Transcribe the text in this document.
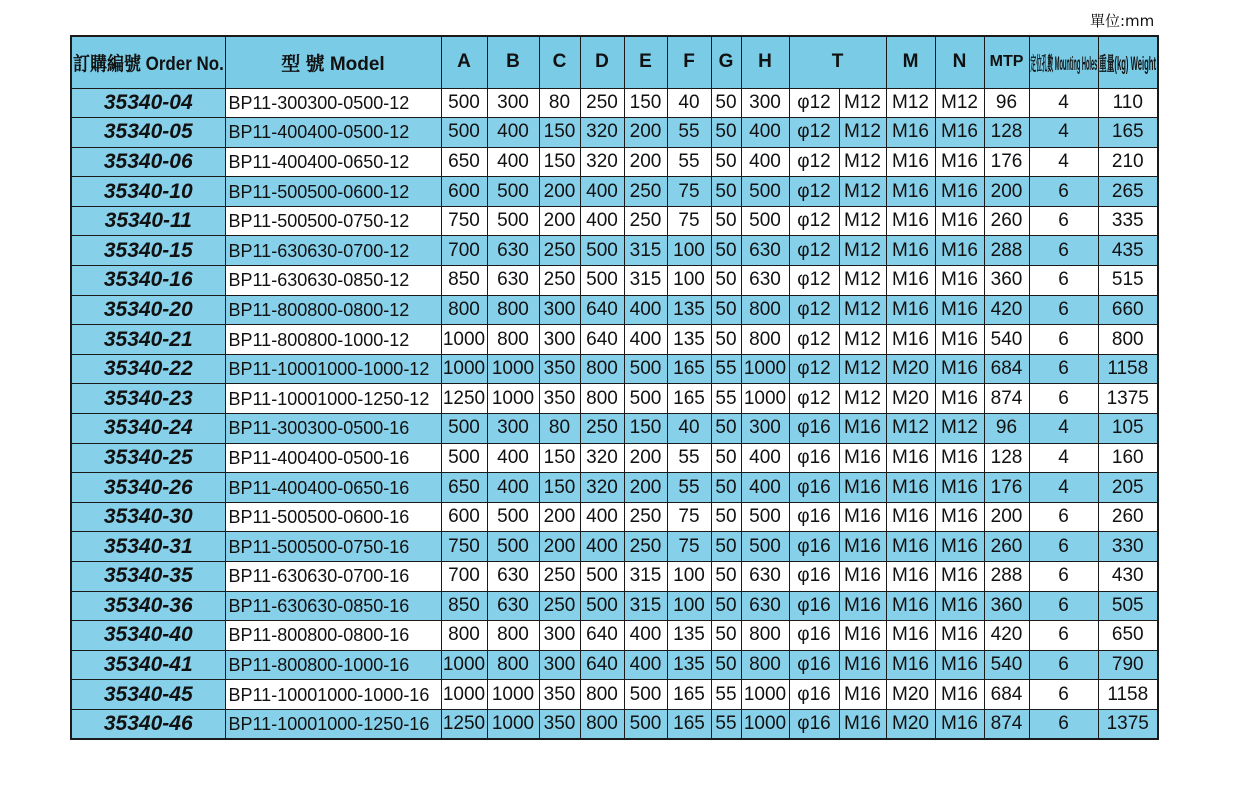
單位:mm
訂購編號 Order No.	型 號 Model	A	B	C	D	E	F	G	H	T		M	N	MTP	定位孔數 Mounting Holes	重量(kg) Weight
35340-04	BP11-300300-0500-12	500	300	80	250	150	40	50	300	φ12	M12	M12	M12	96	4	110
35340-05	BP11-400400-0500-12	500	400	150	320	200	55	50	400	φ12	M12	M16	M16	128	4	165
35340-06	BP11-400400-0650-12	650	400	150	320	200	55	50	400	φ12	M12	M16	M16	176	4	210
35340-10	BP11-500500-0600-12	600	500	200	400	250	75	50	500	φ12	M12	M16	M16	200	6	265
35340-11	BP11-500500-0750-12	750	500	200	400	250	75	50	500	φ12	M12	M16	M16	260	6	335
35340-15	BP11-630630-0700-12	700	630	250	500	315	100	50	630	φ12	M12	M16	M16	288	6	435
35340-16	BP11-630630-0850-12	850	630	250	500	315	100	50	630	φ12	M12	M16	M16	360	6	515
35340-20	BP11-800800-0800-12	800	800	300	640	400	135	50	800	φ12	M12	M16	M16	420	6	660
35340-21	BP11-800800-1000-12	1000	800	300	640	400	135	50	800	φ12	M12	M16	M16	540	6	800
35340-22	BP11-10001000-1000-12	1000	1000	350	800	500	165	55	1000	φ12	M12	M20	M16	684	6	1158
35340-23	BP11-10001000-1250-12	1250	1000	350	800	500	165	55	1000	φ12	M12	M20	M16	874	6	1375
35340-24	BP11-300300-0500-16	500	300	80	250	150	40	50	300	φ16	M16	M12	M12	96	4	105
35340-25	BP11-400400-0500-16	500	400	150	320	200	55	50	400	φ16	M16	M16	M16	128	4	160
35340-26	BP11-400400-0650-16	650	400	150	320	200	55	50	400	φ16	M16	M16	M16	176	4	205
35340-30	BP11-500500-0600-16	600	500	200	400	250	75	50	500	φ16	M16	M16	M16	200	6	260
35340-31	BP11-500500-0750-16	750	500	200	400	250	75	50	500	φ16	M16	M16	M16	260	6	330
35340-35	BP11-630630-0700-16	700	630	250	500	315	100	50	630	φ16	M16	M16	M16	288	6	430
35340-36	BP11-630630-0850-16	850	630	250	500	315	100	50	630	φ16	M16	M16	M16	360	6	505
35340-40	BP11-800800-0800-16	800	800	300	640	400	135	50	800	φ16	M16	M16	M16	420	6	650
35340-41	BP11-800800-1000-16	1000	800	300	640	400	135	50	800	φ16	M16	M16	M16	540	6	790
35340-45	BP11-10001000-1000-16	1000	1000	350	800	500	165	55	1000	φ16	M16	M20	M16	684	6	1158
35340-46	BP11-10001000-1250-16	1250	1000	350	800	500	165	55	1000	φ16	M16	M20	M16	874	6	1375
